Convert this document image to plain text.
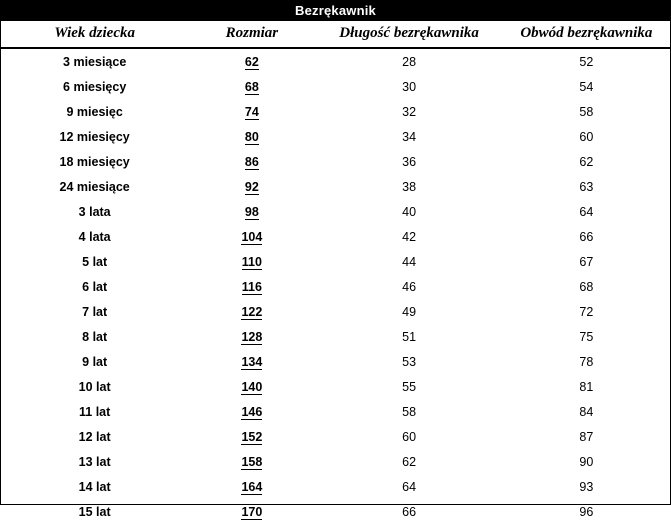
Bezrękawnik
Wiek dziecka	Rozmiar	Długość bezrękawnika	Obwód bezrękawnika
3 miesiące	62	28	52
6 miesięcy	68	30	54
9 miesięc	74	32	58
12 miesięcy	80	34	60
18 miesięcy	86	36	62
24 miesiące	92	38	63
3 lata	98	40	64
4 lata	104	42	66
5 lat	110	44	67
6 lat	116	46	68
7 lat	122	49	72
8 lat	128	51	75
9 lat	134	53	78
10 lat	140	55	81
11 lat	146	58	84
12 lat	152	60	87
13 lat	158	62	90
14 lat	164	64	93
15 lat	170	66	96
